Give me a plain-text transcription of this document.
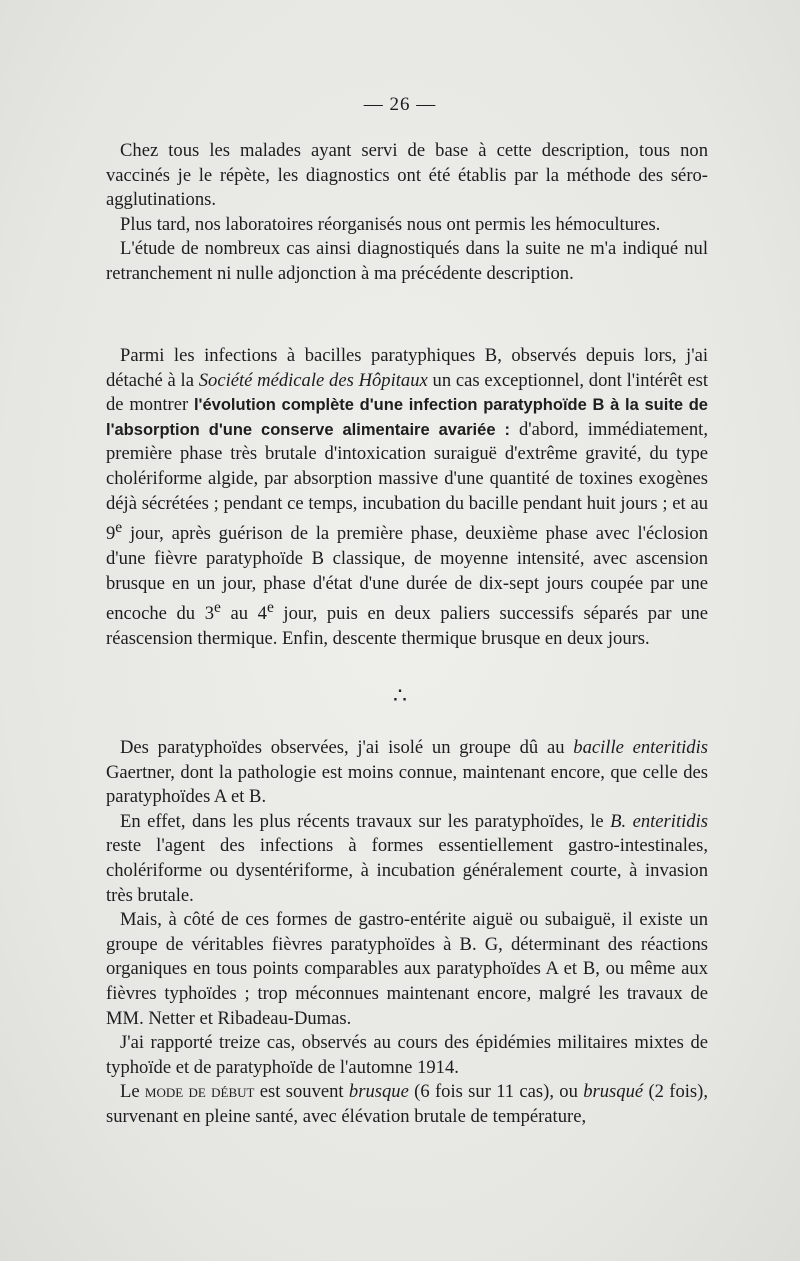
— 26 —

Chez tous les malades ayant servi de base à cette description, tous non vaccinés je le répète, les diagnostics ont été établis par la méthode des séro-agglutinations.

Plus tard, nos laboratoires réorganisés nous ont permis les hémocultures.

L'étude de nombreux cas ainsi diagnostiqués dans la suite ne m'a indiqué nul retranchement ni nulle adjonction à ma précédente description.

Parmi les infections à bacilles paratyphiques B, observés depuis lors, j'ai détaché à la Société médicale des Hôpitaux un cas exceptionnel, dont l'intérêt est de montrer l'évolution complète d'une infection paratyphoïde B à la suite de l'absorption d'une conserve alimentaire avariée : d'abord, immédiatement, première phase très brutale d'intoxication suraiguë d'extrême gravité, du type cholériforme algide, par absorption massive d'une quantité de toxines exogènes déjà sécrétées ; pendant ce temps, incubation du bacille pendant huit jours ; et au 9e jour, après guérison de la première phase, deuxième phase avec l'éclosion d'une fièvre paratyphoïde B classique, de moyenne intensité, avec ascension brusque en un jour, phase d'état d'une durée de dix-sept jours coupée par une encoche du 3e au 4e jour, puis en deux paliers successifs séparés par une réascension thermique. Enfin, descente thermique brusque en deux jours.

∴

Des paratyphoïdes observées, j'ai isolé un groupe dû au bacille enteritidis Gaertner, dont la pathologie est moins connue, maintenant encore, que celle des paratyphoïdes A et B.

En effet, dans les plus récents travaux sur les paratyphoïdes, le B. enteritidis reste l'agent des infections à formes essentiellement gastro-intestinales, cholériforme ou dysentériforme, à incubation généralement courte, à invasion très brutale.

Mais, à côté de ces formes de gastro-entérite aiguë ou subaiguë, il existe un groupe de véritables fièvres paratyphoïdes à B. G, déterminant des réactions organiques en tous points comparables aux paratyphoïdes A et B, ou même aux fièvres typhoïdes ; trop méconnues maintenant encore, malgré les travaux de MM. Netter et Ribadeau-Dumas.

J'ai rapporté treize cas, observés au cours des épidémies militaires mixtes de typhoïde et de paratyphoïde de l'automne 1914.

Le mode de début est souvent brusque (6 fois sur 11 cas), ou brusqué (2 fois), survenant en pleine santé, avec élévation brutale de température,
